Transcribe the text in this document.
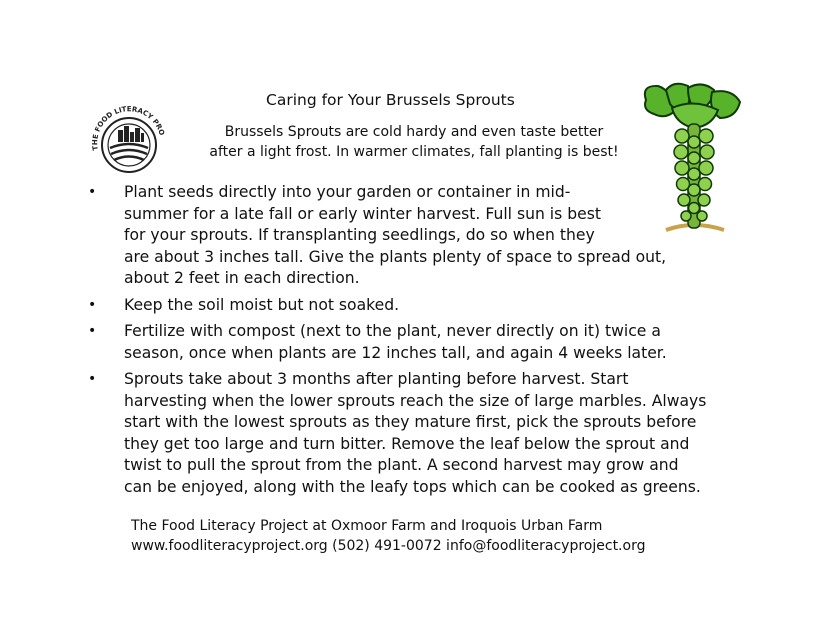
THE FOOD LITERACY PRO
Caring for Your Brussels Sprouts
Brussels Sprouts are cold hardy and even taste better
after a light frost. In warmer climates, fall planting is best!
• Plant seeds directly into your garden or container in mid-
summer for a late fall or early winter harvest. Full sun is best
for your sprouts. If transplanting seedlings, do so when they
are about 3 inches tall. Give the plants plenty of space to spread out,
about 2 feet in each direction.
• Keep the soil moist but not soaked.
• Fertilize with compost (next to the plant, never directly on it) twice a
season, once when plants are 12 inches tall, and again 4 weeks later.
• Sprouts take about 3 months after planting before harvest. Start
harvesting when the lower sprouts reach the size of large marbles. Always
start with the lowest sprouts as they mature first, pick the sprouts before
they get too large and turn bitter. Remove the leaf below the sprout and
twist to pull the sprout from the plant. A second harvest may grow and
can be enjoyed, along with the leafy tops which can be cooked as greens.
The Food Literacy Project at Oxmoor Farm and Iroquois Urban Farm
www.foodliteracyproject.org (502) 491-0072 info@foodliteracyproject.org
